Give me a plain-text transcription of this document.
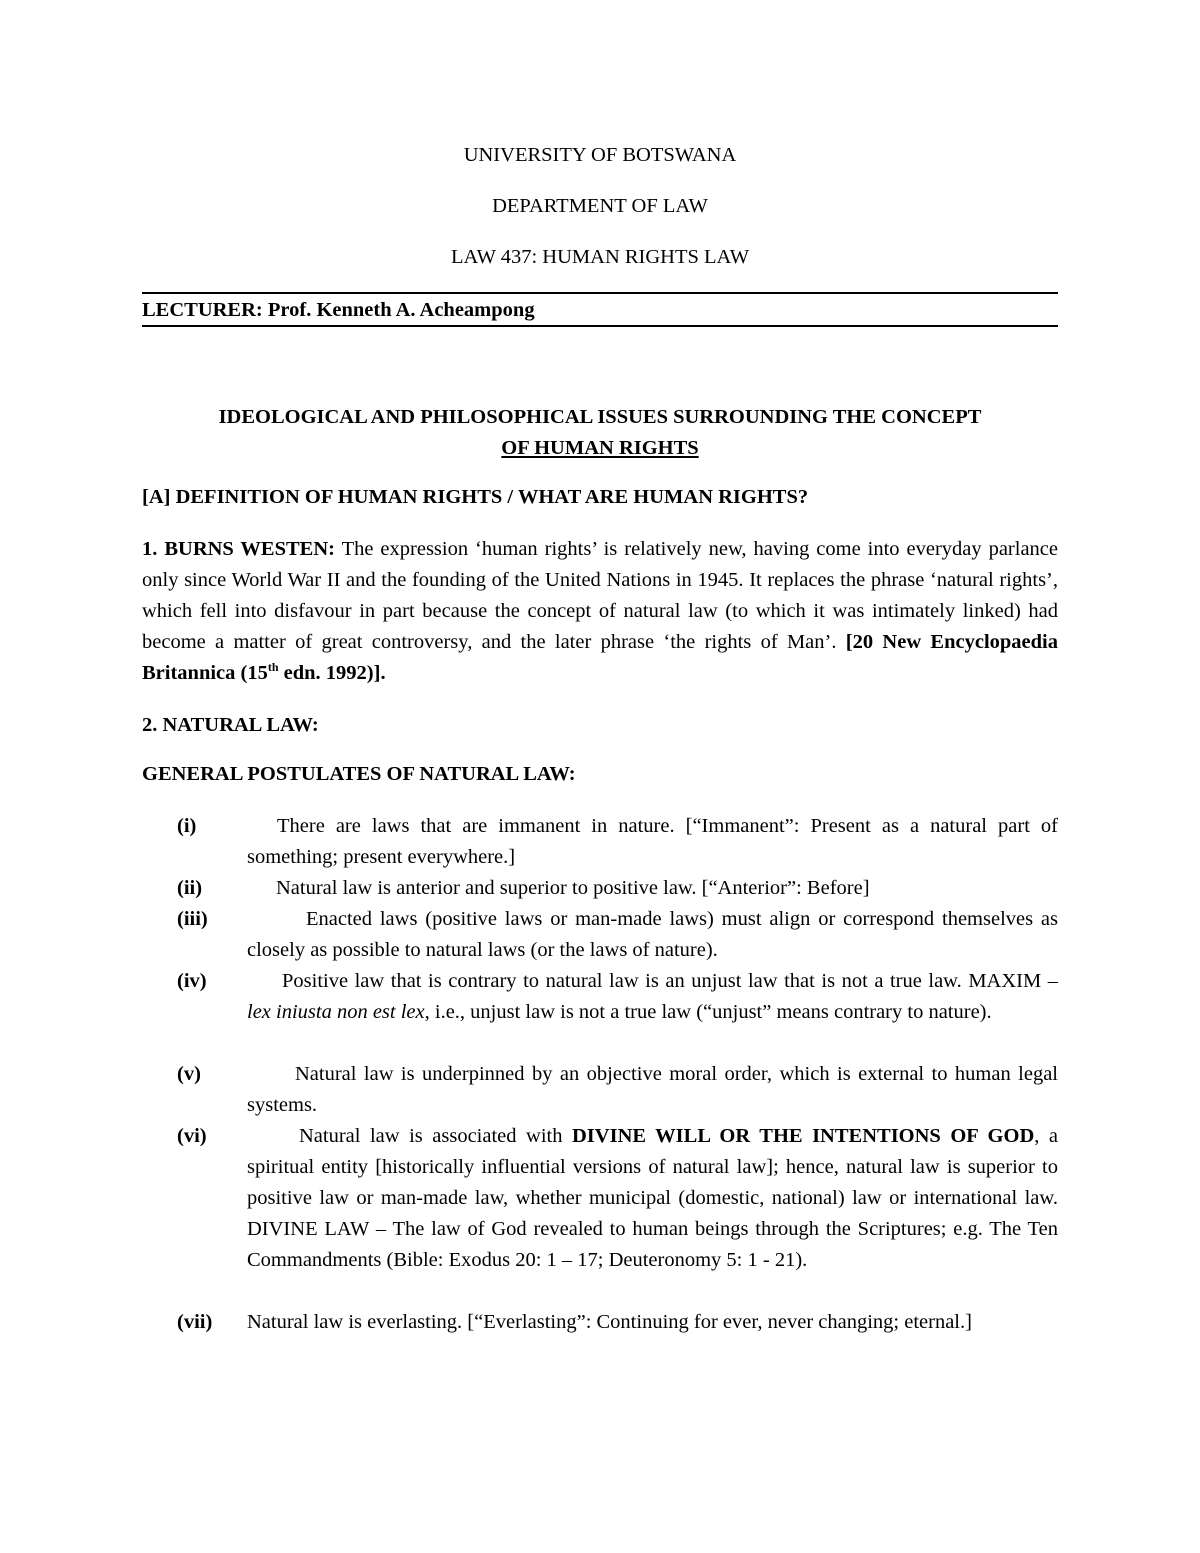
UNIVERSITY OF BOTSWANA
DEPARTMENT OF LAW
LAW 437: HUMAN RIGHTS LAW
LECTURER: Prof. Kenneth A. Acheampong
IDEOLOGICAL AND PHILOSOPHICAL ISSUES SURROUNDING THE CONCEPT
OF HUMAN RIGHTS
[A] DEFINITION OF HUMAN RIGHTS / WHAT ARE HUMAN RIGHTS?
1. BURNS WESTEN: The expression ‘human rights’ is relatively new, having come into everyday parlance only since World War II and the founding of the United Nations in 1945. It replaces the phrase ‘natural rights’, which fell into disfavour in part because the concept of natural law (to which it was intimately linked) had become a matter of great controversy, and the later phrase ‘the rights of Man’. [20 New Encyclopaedia Britannica (15th edn. 1992)].
2. NATURAL LAW:
GENERAL POSTULATES OF NATURAL LAW:
(i)	There are laws that are immanent in nature. [“Immanent”: Present as a natural part of something; present everywhere.]
(ii)	Natural law is anterior and superior to positive law. [“Anterior”: Before]
(iii)	Enacted laws (positive laws or man-made laws) must align or correspond themselves as closely as possible to natural laws (or the laws of nature).
(iv)	Positive law that is contrary to natural law is an unjust law that is not a true law. MAXIM – lex iniusta non est lex, i.e., unjust law is not a true law (“unjust” means contrary to nature).
(v)	Natural law is underpinned by an objective moral order, which is external to human legal systems.
(vi)	Natural law is associated with DIVINE WILL OR THE INTENTIONS OF GOD, a spiritual entity [historically influential versions of natural law]; hence, natural law is superior to positive law or man-made law, whether municipal (domestic, national) law or international law. DIVINE LAW – The law of God revealed to human beings through the Scriptures; e.g. The Ten Commandments (Bible: Exodus 20: 1 – 17; Deuteronomy 5: 1 - 21).
(vii) Natural law is everlasting. [“Everlasting”: Continuing for ever, never changing; eternal.]
